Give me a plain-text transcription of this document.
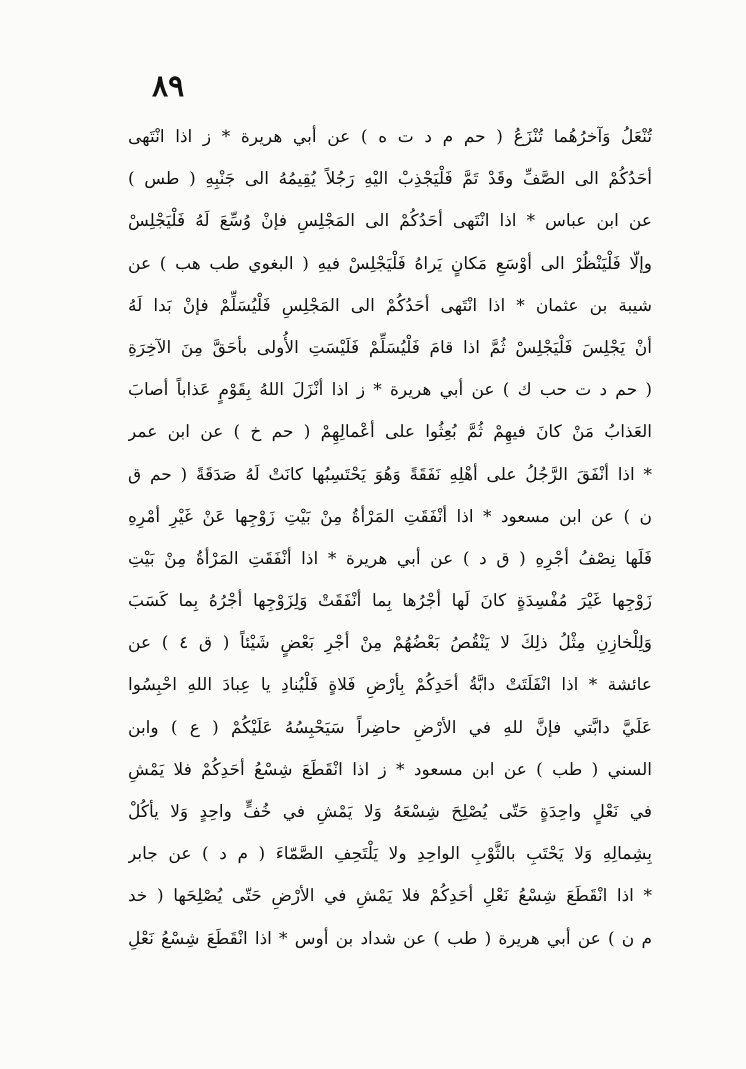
٨٩
تُنْعَلُ وَآخرُهُما تُنْزَعُ ( حم م د ت ه ) عن أبي هريرة * ز اذا انْتَهى
أحَدُكُمْ الى الصَّفِّ وقَدْ تَمَّ فَلْيَجْذِبْ اليْهِ رَجُلاً يُقِيمُهُ الى جَنْبِهِ ( طس )
عن ابن عباس * اذا انْتَهى أحَدُكُمْ الى المَجْلِسِ فإنْ وُسِّعَ لَهُ فَلْيَجْلِسْ
وإلّا فَلْيَنْظُرْ الى أوْسَعِ مَكانٍ يَراهُ فَلْيَجْلِسْ فيهِ ( البغوي طب هب ) عن
شيبة بن عثمان * اذا انْتَهى أحَدُكُمْ الى المَجْلِسِ فَلْيُسَلِّمْ فإنْ بَدا لَهُ
أنْ يَجْلِسَ فَلْيَجْلِسْ ثُمَّ اذا قامَ فَلْيُسَلِّمْ فَلَيْسَتِ الأُولى بأحَقَّ مِنَ الآخِرَةِ
( حم د ت حب ك ) عن أبي هريرة * ز اذا أنْزَلَ اللهُ بِقَوْمٍ عَذاباً أصابَ
العَذابُ مَنْ كانَ فيهِمْ ثُمَّ بُعِثُوا على أعْمالِهِمْ ( حم خ ) عن ابن عمر
* اذا أنْفَقَ الرَّجُلُ على أهْلِهِ نَفَقَةً وَهُوَ يَحْتَسِبُها كانَتْ لَهُ صَدَقَةً ( حم ق
ن ) عن ابن مسعود * اذا أنْفَقَتِ المَرْأةُ مِنْ بَيْتِ زَوْجِها عَنْ غَيْرِ أمْرِهِ
فَلَها نِصْفُ أجْرِهِ ( ق د ) عن أبي هريرة * اذا أنْفَقَتِ المَرْأةُ مِنْ بَيْتِ
زَوْجِها غَيْرَ مُفْسِدَةٍ كانَ لَها أجْرُها بِما أنْفَقَتْ وَلِزَوْجِها أجْرُهُ بِما كَسَبَ
وَلِلْخازِنِ مِثْلُ ذلِكَ لا يَنْقُصُ بَعْضُهُمْ مِنْ أجْرِ بَعْضٍ شَيْئاً ( ق ٤ ) عن
عائشة * اذا انْفَلَتَتْ دابَّةُ أحَدِكُمْ بِأرْضِ فَلاةٍ فَلْيُنادِ يا عِبادَ اللهِ احْبِسُوا
عَلَيَّ دابَّتي فإنَّ للهِ في الأرْضِ حاضِراً سَيَحْبِسُهُ عَلَيْكُمْ ( ع ) وابن
السني ( طب ) عن ابن مسعود * ز اذا انْقَطَعَ شِسْعُ أحَدِكُمْ فلا يَمْشِ
في نَعْلٍ واحِدَةٍ حَتّى يُصْلِحَ شِسْعَهُ وَلا يَمْشِ في خُفٍّ واحِدٍ وَلا يأكُلْ
بِشِمالِهِ وَلا يَحْتَبِ بالثَّوْبِ الواحِدِ ولا يَلْتَحِفِ الصَّمّاءَ ( م د ) عن جابر
* اذا انْقَطَعَ شِسْعُ نَعْلِ أحَدِكُمْ فلا يَمْشِ في الأرْضِ حَتّى يُصْلِحَها ( خد
م ن ) عن أبي هريرة ( طب ) عن شداد بن أوس * اذا انْقَطَعَ شِسْعُ نَعْلِ
